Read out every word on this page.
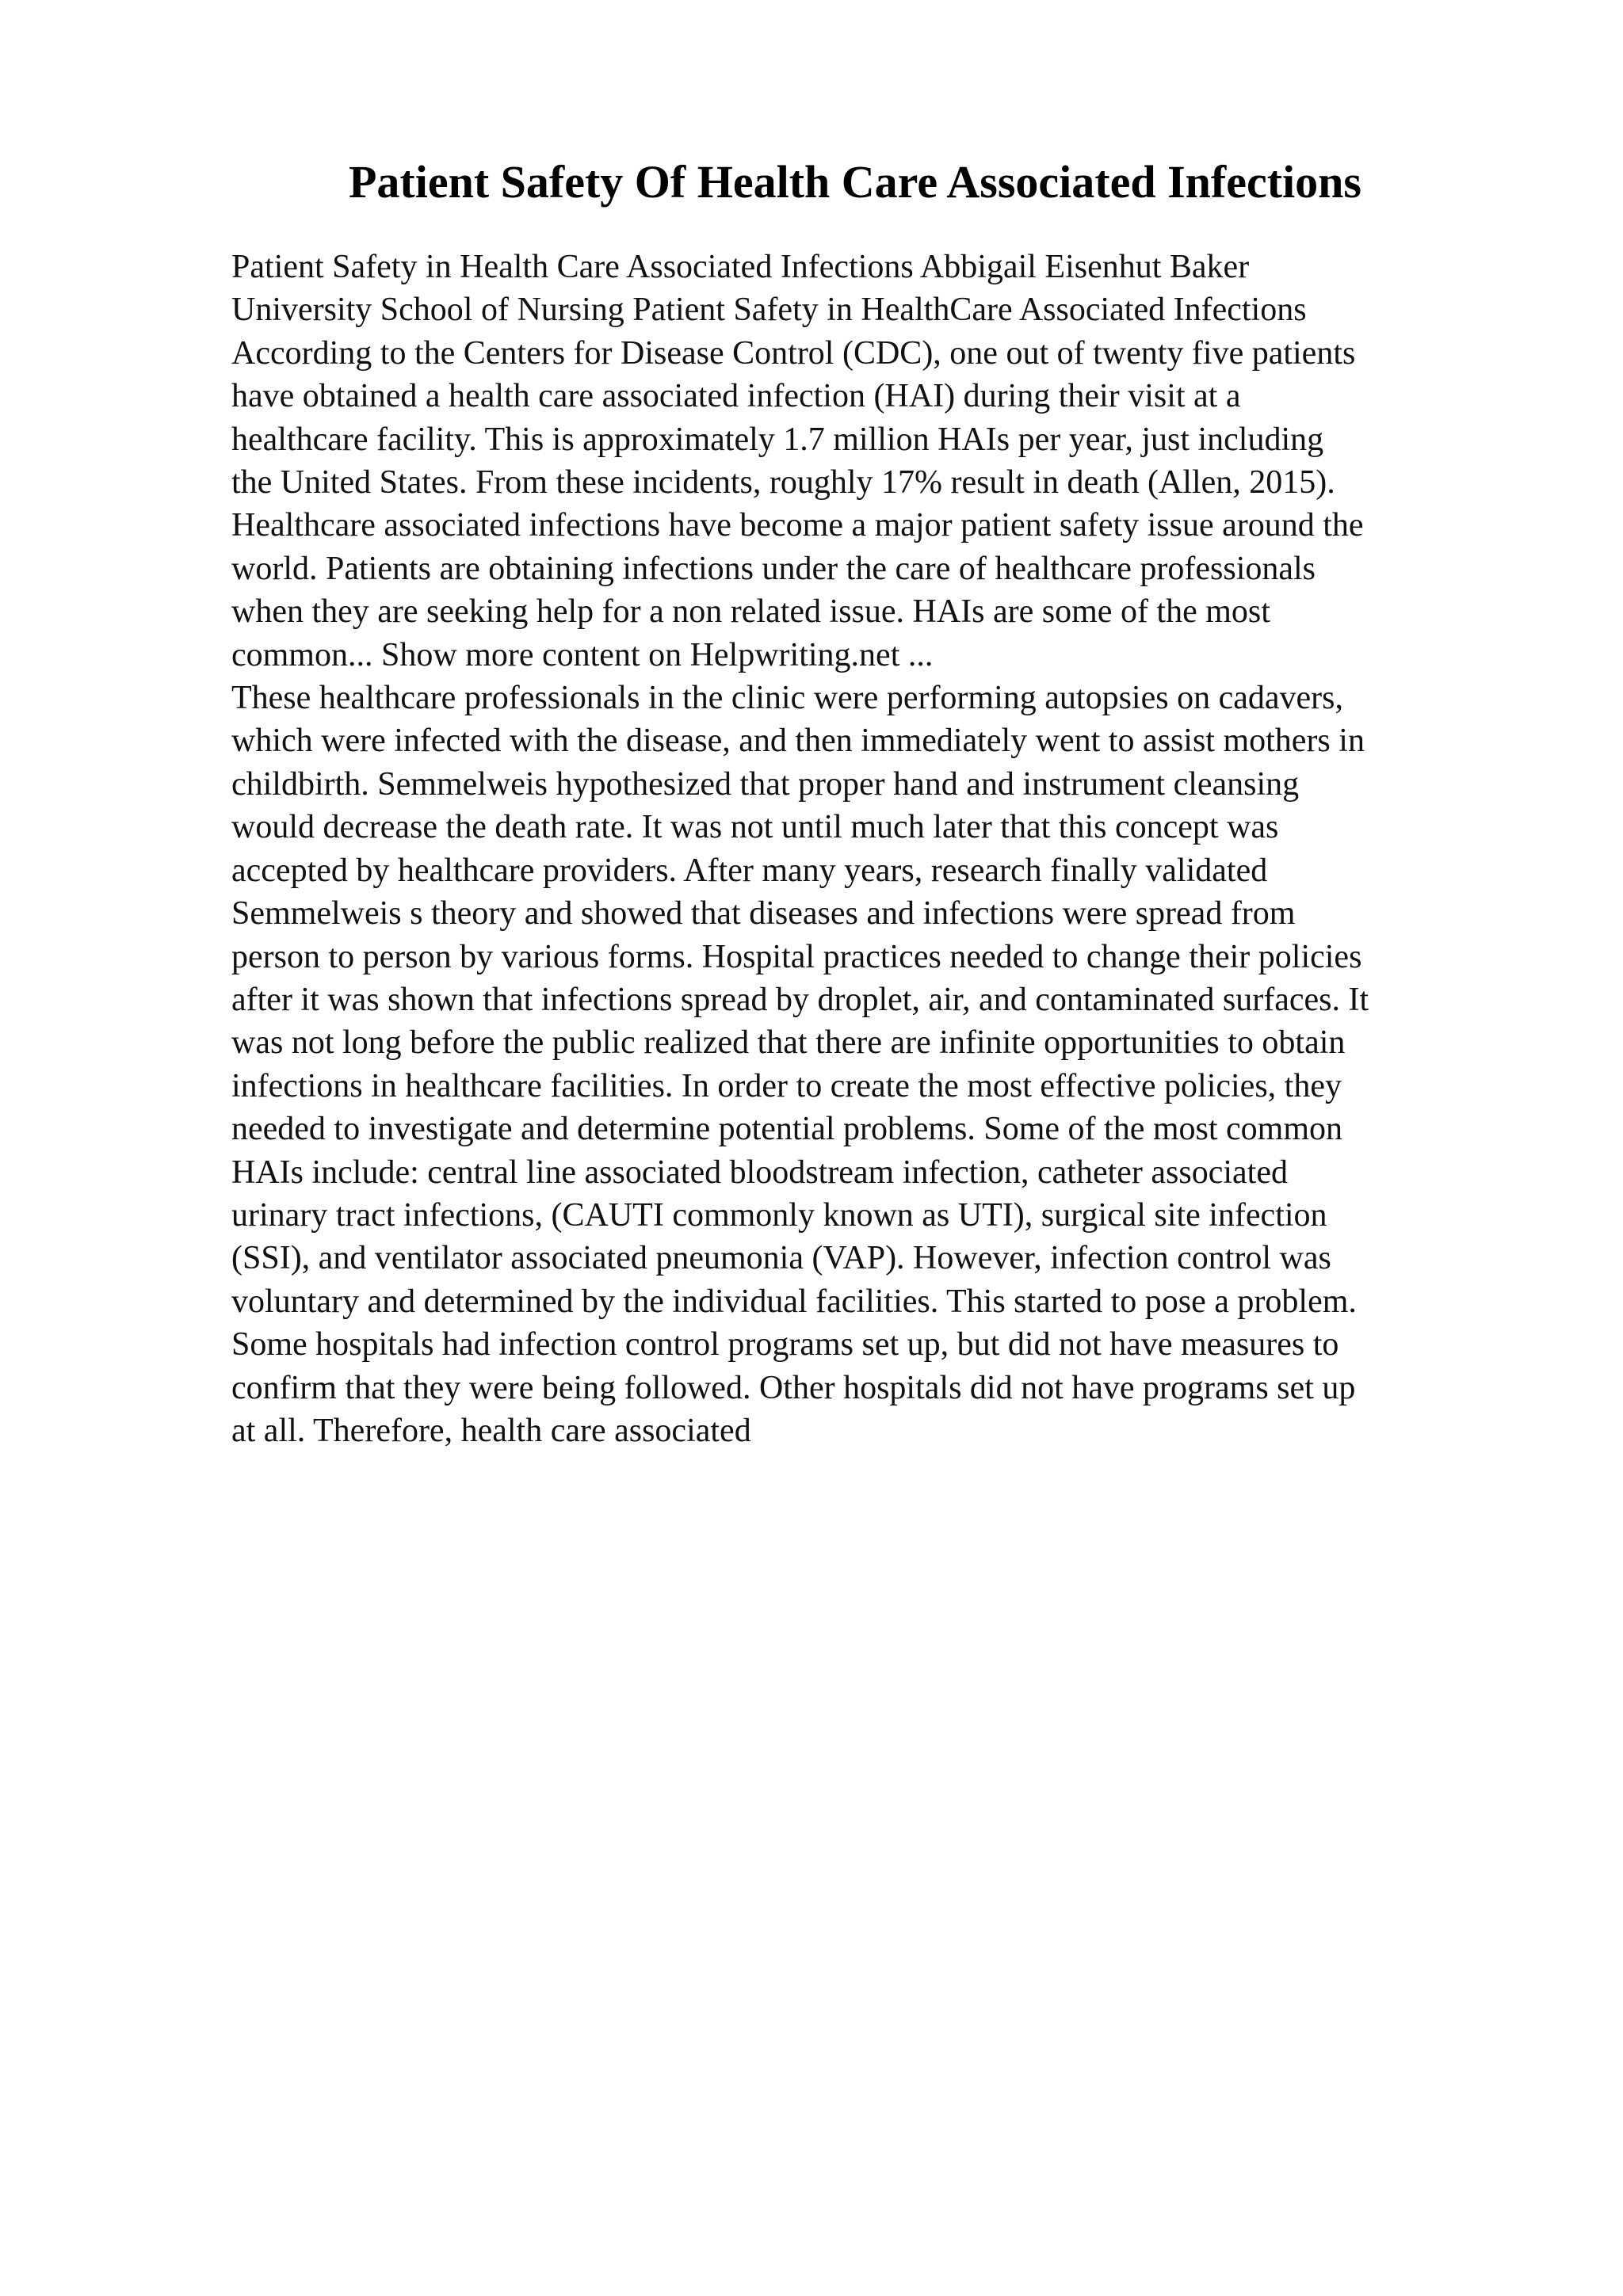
Patient Safety Of Health Care Associated Infections
Patient Safety in Health Care Associated Infections Abbigail Eisenhut Baker
University School of Nursing Patient Safety in HealthCare Associated Infections
According to the Centers for Disease Control (CDC), one out of twenty five patients
have obtained a health care associated infection (HAI) during their visit at a
healthcare facility. This is approximately 1.7 million HAIs per year, just including
the United States. From these incidents, roughly 17% result in death (Allen, 2015).
Healthcare associated infections have become a major patient safety issue around the
world. Patients are obtaining infections under the care of healthcare professionals
when they are seeking help for a non related issue. HAIs are some of the most
common... Show more content on Helpwriting.net ...
These healthcare professionals in the clinic were performing autopsies on cadavers,
which were infected with the disease, and then immediately went to assist mothers in
childbirth. Semmelweis hypothesized that proper hand and instrument cleansing
would decrease the death rate. It was not until much later that this concept was
accepted by healthcare providers. After many years, research finally validated
Semmelweis s theory and showed that diseases and infections were spread from
person to person by various forms. Hospital practices needed to change their policies
after it was shown that infections spread by droplet, air, and contaminated surfaces. It
was not long before the public realized that there are infinite opportunities to obtain
infections in healthcare facilities. In order to create the most effective policies, they
needed to investigate and determine potential problems. Some of the most common
HAIs include: central line associated bloodstream infection, catheter associated
urinary tract infections, (CAUTI commonly known as UTI), surgical site infection
(SSI), and ventilator associated pneumonia (VAP). However, infection control was
voluntary and determined by the individual facilities. This started to pose a problem.
Some hospitals had infection control programs set up, but did not have measures to
confirm that they were being followed. Other hospitals did not have programs set up
at all. Therefore, health care associated
